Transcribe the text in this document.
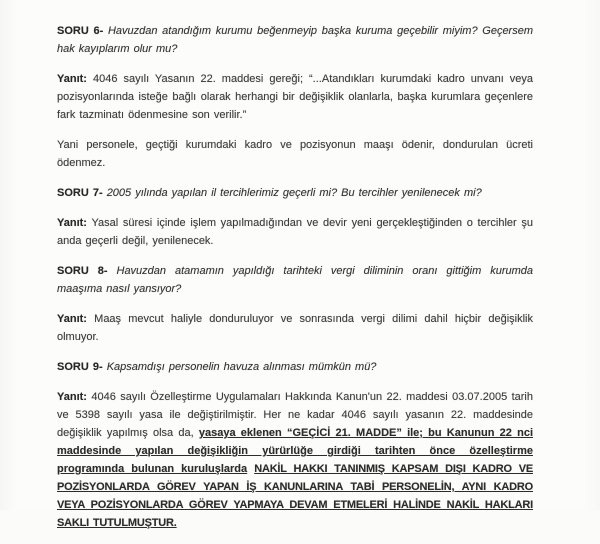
SORU 6- Havuzdan atandığım kurumu beğenmeyip başka kuruma geçebilir miyim? Geçersem hak kayıplarım olur mu?

Yanıt: 4046 sayılı Yasanın 22. maddesi gereği; “...Atandıkları kurumdaki kadro unvanı veya pozisyonlarında isteğe bağlı olarak herhangi bir değişiklik olanlarla, başka kurumlara geçenlere fark tazminatı ödenmesine son verilir.”

Yani personele, geçtiği kurumdaki kadro ve pozisyonun maaşı ödenir, dondurulan ücreti ödenmez.

SORU 7- 2005 yılında yapılan il tercihlerimiz geçerli mi? Bu tercihler yenilenecek mi?

Yanıt: Yasal süresi içinde işlem yapılmadığından ve devir yeni gerçekleştiğinden o tercihler şu anda geçerli değil, yenilenecek.

SORU 8- Havuzdan atamamın yapıldığı tarihteki vergi diliminin oranı gittiğim kurumda maaşıma nasıl yansıyor?

Yanıt: Maaş mevcut haliyle donduruluyor ve sonrasında vergi dilimi dahil hiçbir değişiklik olmuyor.

SORU 9- Kapsamdışı personelin havuza alınması mümkün mü?

Yanıt: 4046 sayılı Özelleştirme Uygulamaları Hakkında Kanun'un 22. maddesi 03.07.2005 tarih ve 5398 sayılı yasa ile değiştirilmiştir. Her ne kadar 4046 sayılı yasanın 22. maddesinde değişiklik yapılmış olsa da, yasaya eklenen “GEÇİCİ 21. MADDE” ile; bu Kanunun 22 nci maddesinde yapılan değişikliğin yürürlüğe girdiği tarihten önce özelleştirme programında bulunan kuruluşlarda NAKİL HAKKI TANINMIŞ KAPSAM DIŞI KADRO VE POZİSYONLARDA GÖREV YAPAN İŞ KANUNLARINA TABİ PERSONELİN, AYNI KADRO VEYA POZİSYONLARDA GÖREV YAPMAYA DEVAM ETMELERİ HALİNDE NAKİL HAKLARI SAKLI TUTULMUŞTUR.
